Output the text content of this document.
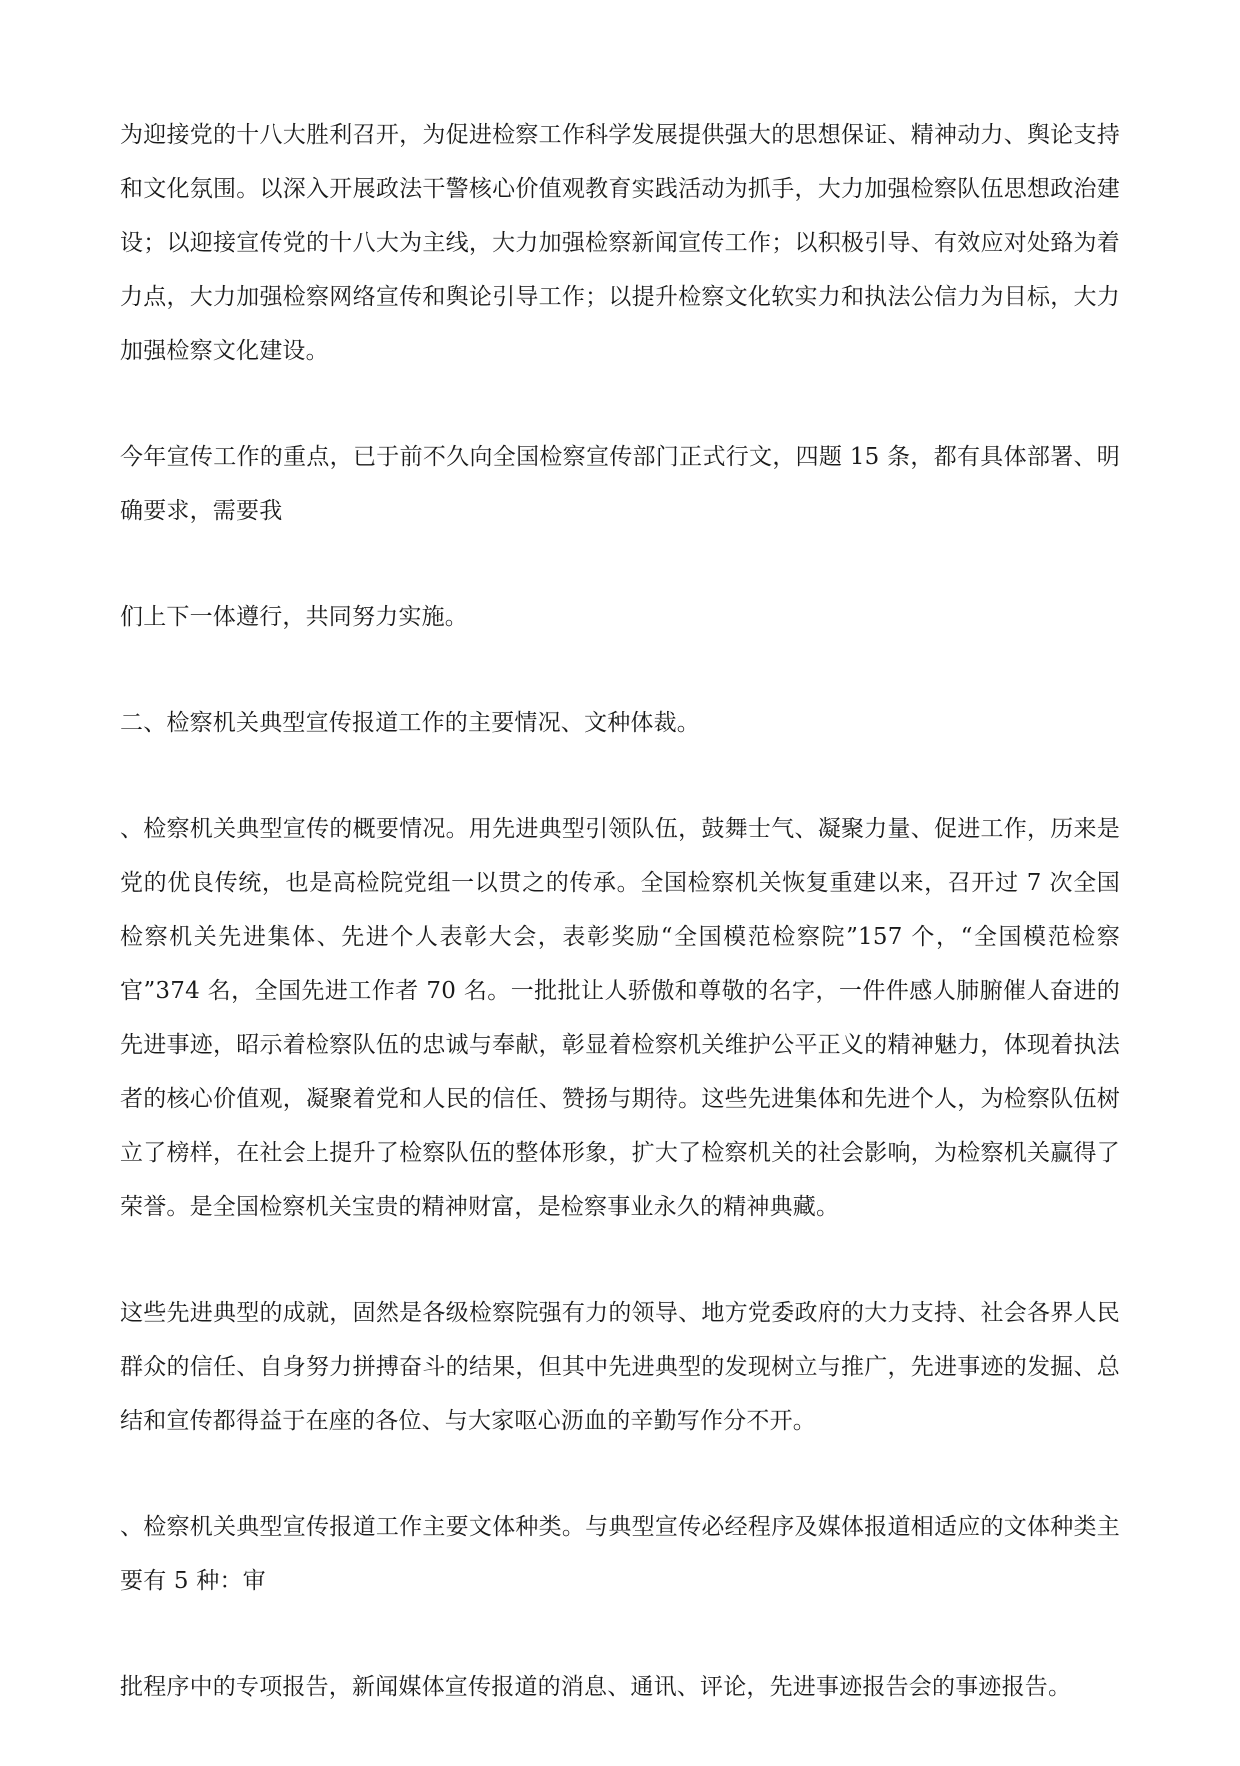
为迎接党的十八大胜利召开，为促进检察工作科学发展提供强大的思想保证、精神动力、舆论支持和文化氛围。以深入开展政法干警核心价值观教育实践活动为抓手，大力加强检察队伍思想政治建设；以迎接宣传党的十八大为主线，大力加强检察新闻宣传工作；以积极引导、有效应对处臵为着力点，大力加强检察网络宣传和舆论引导工作；以提升检察文化软实力和执法公信力为目标，大力加强检察文化建设。

今年宣传工作的重点，已于前不久向全国检察宣传部门正式行文，四题 15 条，都有具体部署、明确要求，需要我

们上下一体遵行，共同努力实施。

二、检察机关典型宣传报道工作的主要情况、文种体裁。

、检察机关典型宣传的概要情况。用先进典型引领队伍，鼓舞士气、凝聚力量、促进工作，历来是党的优良传统，也是高检院党组一以贯之的传承。全国检察机关恢复重建以来，召开过 7 次全国检察机关先进集体、先进个人表彰大会，表彰奖励“全国模范检察院”157 个，“全国模范检察官”374 名，全国先进工作者 70 名。一批批让人骄傲和尊敬的名字，一件件感人肺腑催人奋进的先进事迹，昭示着检察队伍的忠诚与奉献，彰显着检察机关维护公平正义的精神魅力，体现着执法者的核心价值观，凝聚着党和人民的信任、赞扬与期待。这些先进集体和先进个人，为检察队伍树立了榜样，在社会上提升了检察队伍的整体形象，扩大了检察机关的社会影响，为检察机关赢得了荣誉。是全国检察机关宝贵的精神财富，是检察事业永久的精神典藏。

这些先进典型的成就，固然是各级检察院强有力的领导、地方党委政府的大力支持、社会各界人民群众的信任、自身努力拼搏奋斗的结果，但其中先进典型的发现树立与推广，先进事迹的发掘、总结和宣传都得益于在座的各位、与大家呕心沥血的辛勤写作分不开。

、检察机关典型宣传报道工作主要文体种类。与典型宣传必经程序及媒体报道相适应的文体种类主要有 5 种：审

批程序中的专项报告，新闻媒体宣传报道的消息、通讯、评论，先进事迹报告会的事迹报告。
